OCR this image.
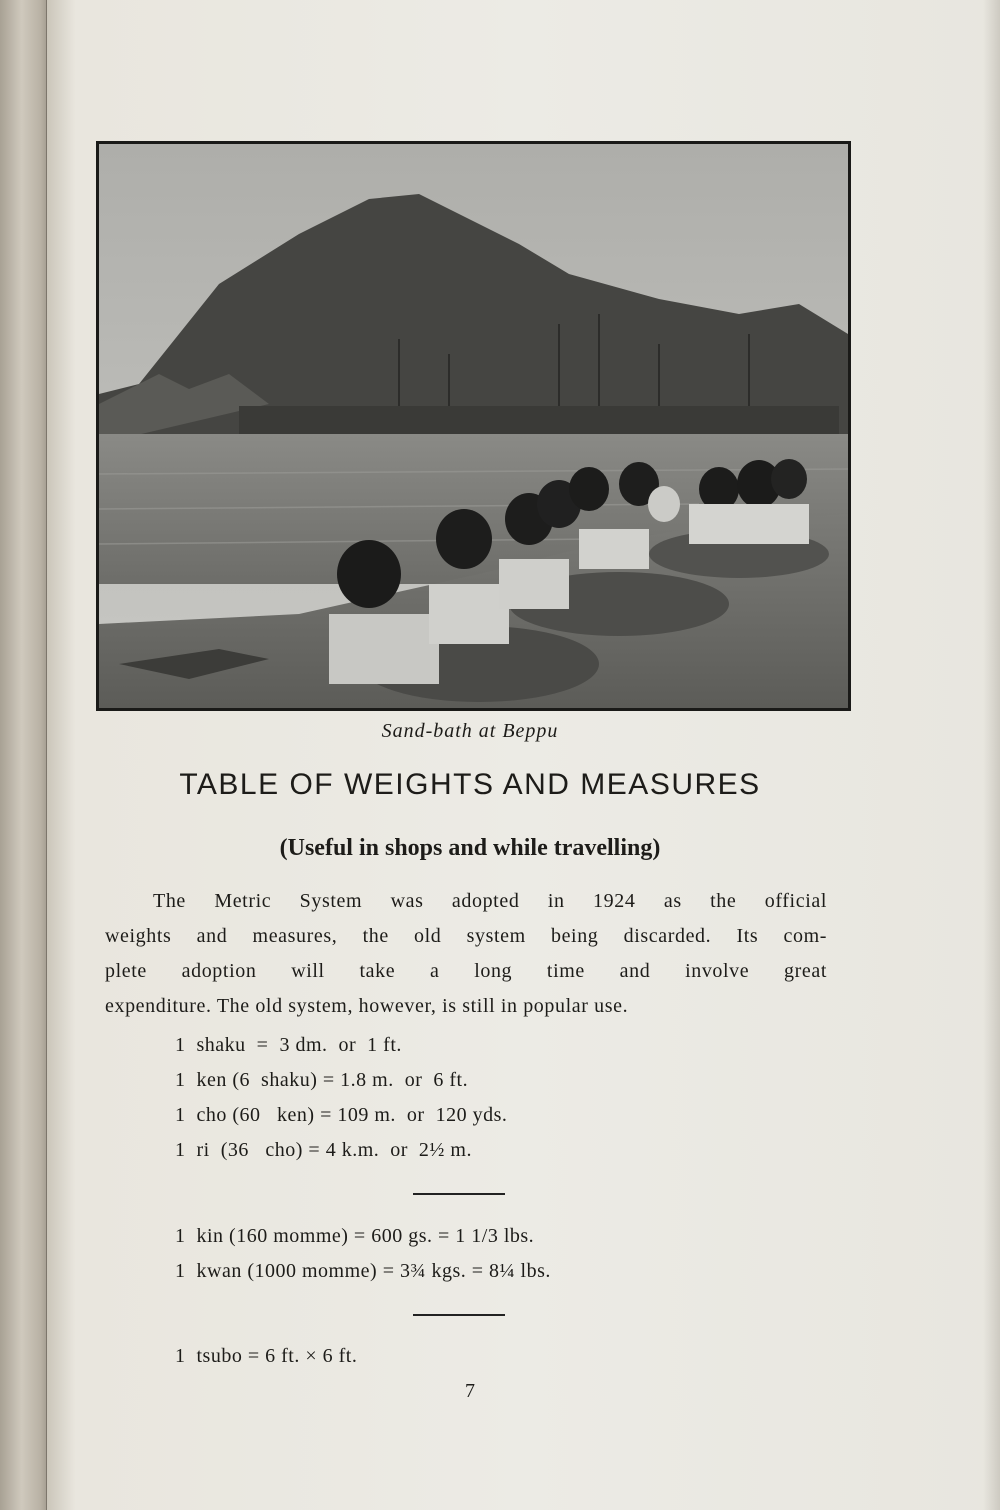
Sand-bath at Beppu
TABLE OF WEIGHTS AND MEASURES
(Useful in shops and while travelling)
The Metric System was adopted in 1924 as the official
weights and measures, the old system being discarded. Its com-
plete adoption will take a long time and involve great
expenditure. The old system, however, is still in popular use.
1  shaku  =  3 dm.  or  1 ft.
1  ken (6  shaku) = 1.8 m.  or  6 ft.
1  cho (60   ken) = 109 m.  or  120 yds.
1  ri  (36   cho) = 4 k.m.  or  2½ m.
1  kin (160 momme) = 600 gs. = 1 1/3 lbs.
1  kwan (1000 momme) = 3¾ kgs. = 8¼ lbs.
1  tsubo = 6 ft. × 6 ft.
7
